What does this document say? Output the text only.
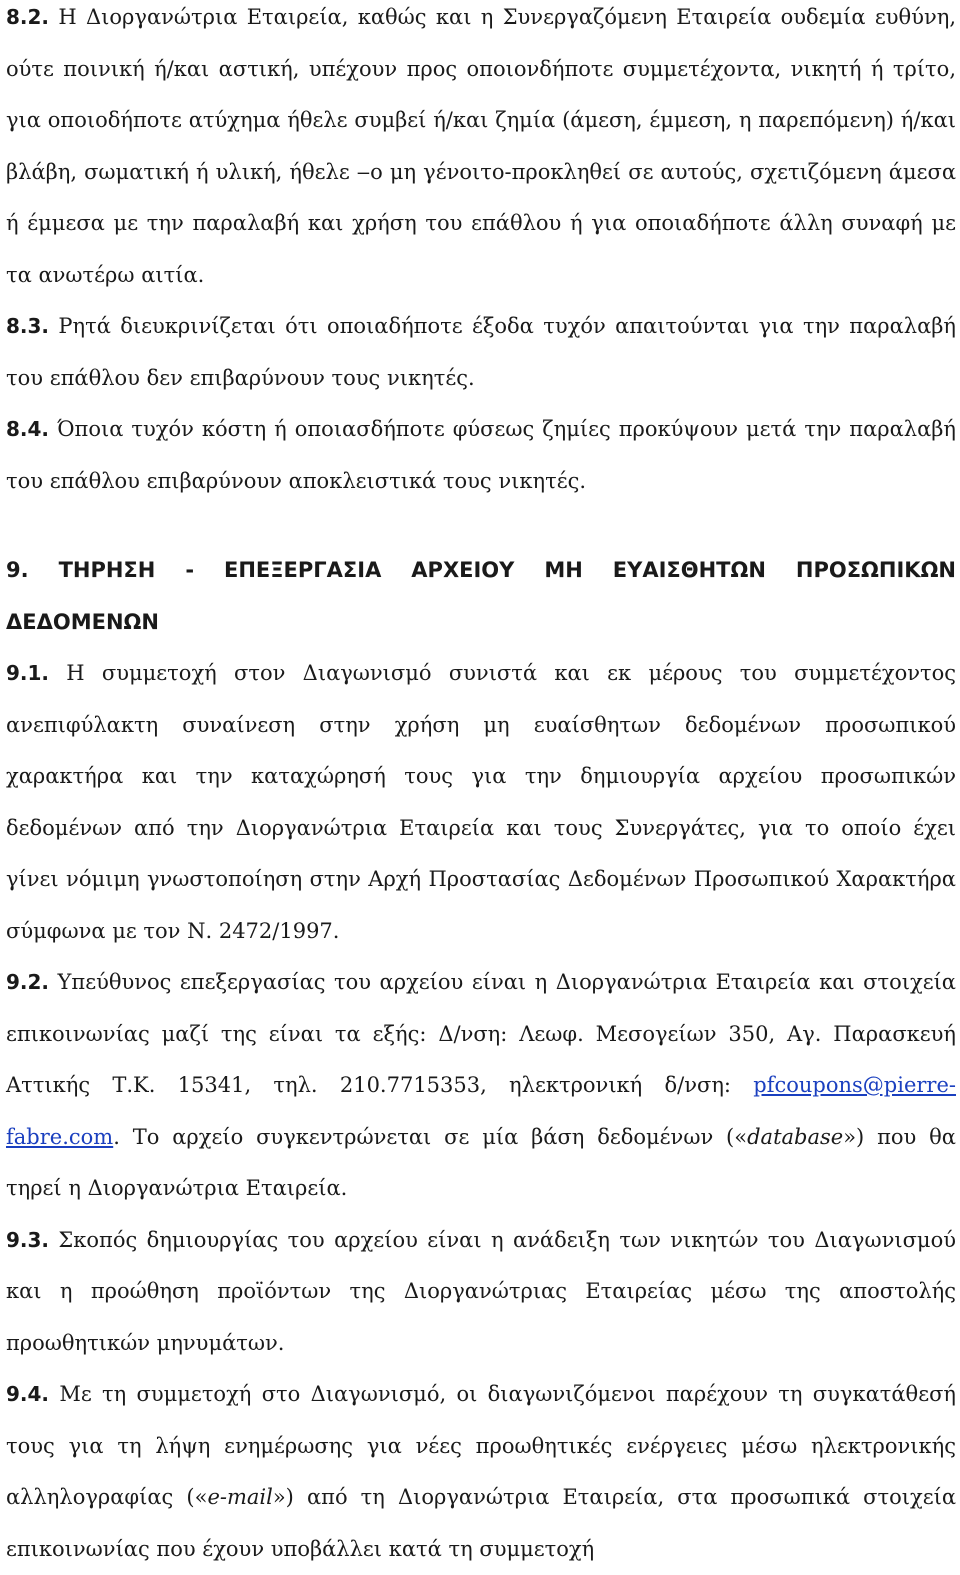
8.2. Η Διοργανώτρια Εταιρεία, καθώς και η Συνεργαζόμενη Εταιρεία ουδεμία ευθύνη, ούτε ποινική ή/και αστική, υπέχουν προς οποιονδήποτε συμμετέχοντα, νικητή ή τρίτο, για οποιοδήποτε ατύχημα ήθελε συμβεί ή/και ζημία (άμεση, έμμεση, η παρεπόμενη) ή/και βλάβη, σωματική ή υλική, ήθελε ‒ο μη γένοιτο-προκληθεί σε αυτούς, σχετιζόμενη άμεσα ή έμμεσα με την παραλαβή και χρήση του επάθλου ή για οποιαδήποτε άλλη συναφή με τα ανωτέρω αιτία.

8.3. Ρητά διευκρινίζεται ότι οποιαδήποτε έξοδα τυχόν απαιτούνται για την παραλαβή του επάθλου δεν επιβαρύνουν τους νικητές.

8.4. Όποια τυχόν κόστη ή οποιασδήποτε φύσεως ζημίες προκύψουν μετά την παραλαβή του επάθλου επιβαρύνουν αποκλειστικά τους νικητές.

9. ΤΗΡΗΣΗ - ΕΠΕΞΕΡΓΑΣΙΑ ΑΡΧΕΙΟΥ ΜΗ ΕΥΑΙΣΘΗΤΩΝ ΠΡΟΣΩΠΙΚΩΝ ΔΕΔΟΜΕΝΩΝ

9.1. Η συμμετοχή στον Διαγωνισμό συνιστά και εκ μέρους του συμμετέχοντος ανεπιφύλακτη συναίνεση στην χρήση μη ευαίσθητων δεδομένων προσωπικού χαρακτήρα και την καταχώρησή τους για την δημιουργία αρχείου προσωπικών δεδομένων από την Διοργανώτρια Εταιρεία και τους Συνεργάτες, για το οποίο έχει γίνει νόμιμη γνωστοποίηση στην Αρχή Προστασίας Δεδομένων Προσωπικού Χαρακτήρα σύμφωνα με τον Ν. 2472/1997.

9.2. Υπεύθυνος επεξεργασίας του αρχείου είναι η Διοργανώτρια Εταιρεία και στοιχεία επικοινωνίας μαζί της είναι τα εξής: Δ/νση: Λεωφ. Μεσογείων 350, Αγ. Παρασκευή Αττικής Τ.Κ. 15341, τηλ. 210.7715353, ηλεκτρονική δ/νση: pfcoupons@pierre-fabre.com. Το αρχείο συγκεντρώνεται σε μία βάση δεδομένων («database») που θα τηρεί η Διοργανώτρια Εταιρεία.

9.3. Σκοπός δημιουργίας του αρχείου είναι η ανάδειξη των νικητών του Διαγωνισμού και η προώθηση προϊόντων της Διοργανώτριας Εταιρείας μέσω της αποστολής προωθητικών μηνυμάτων.

9.4. Με τη συμμετοχή στο Διαγωνισμό, οι διαγωνιζόμενοι παρέχουν τη συγκατάθεσή τους για τη λήψη ενημέρωσης για νέες προωθητικές ενέργειες μέσω ηλεκτρονικής αλληλογραφίας («e-mail») από τη Διοργανώτρια Εταιρεία, στα προσωπικά στοιχεία επικοινωνίας που έχουν υποβάλλει κατά τη συμμετοχή
